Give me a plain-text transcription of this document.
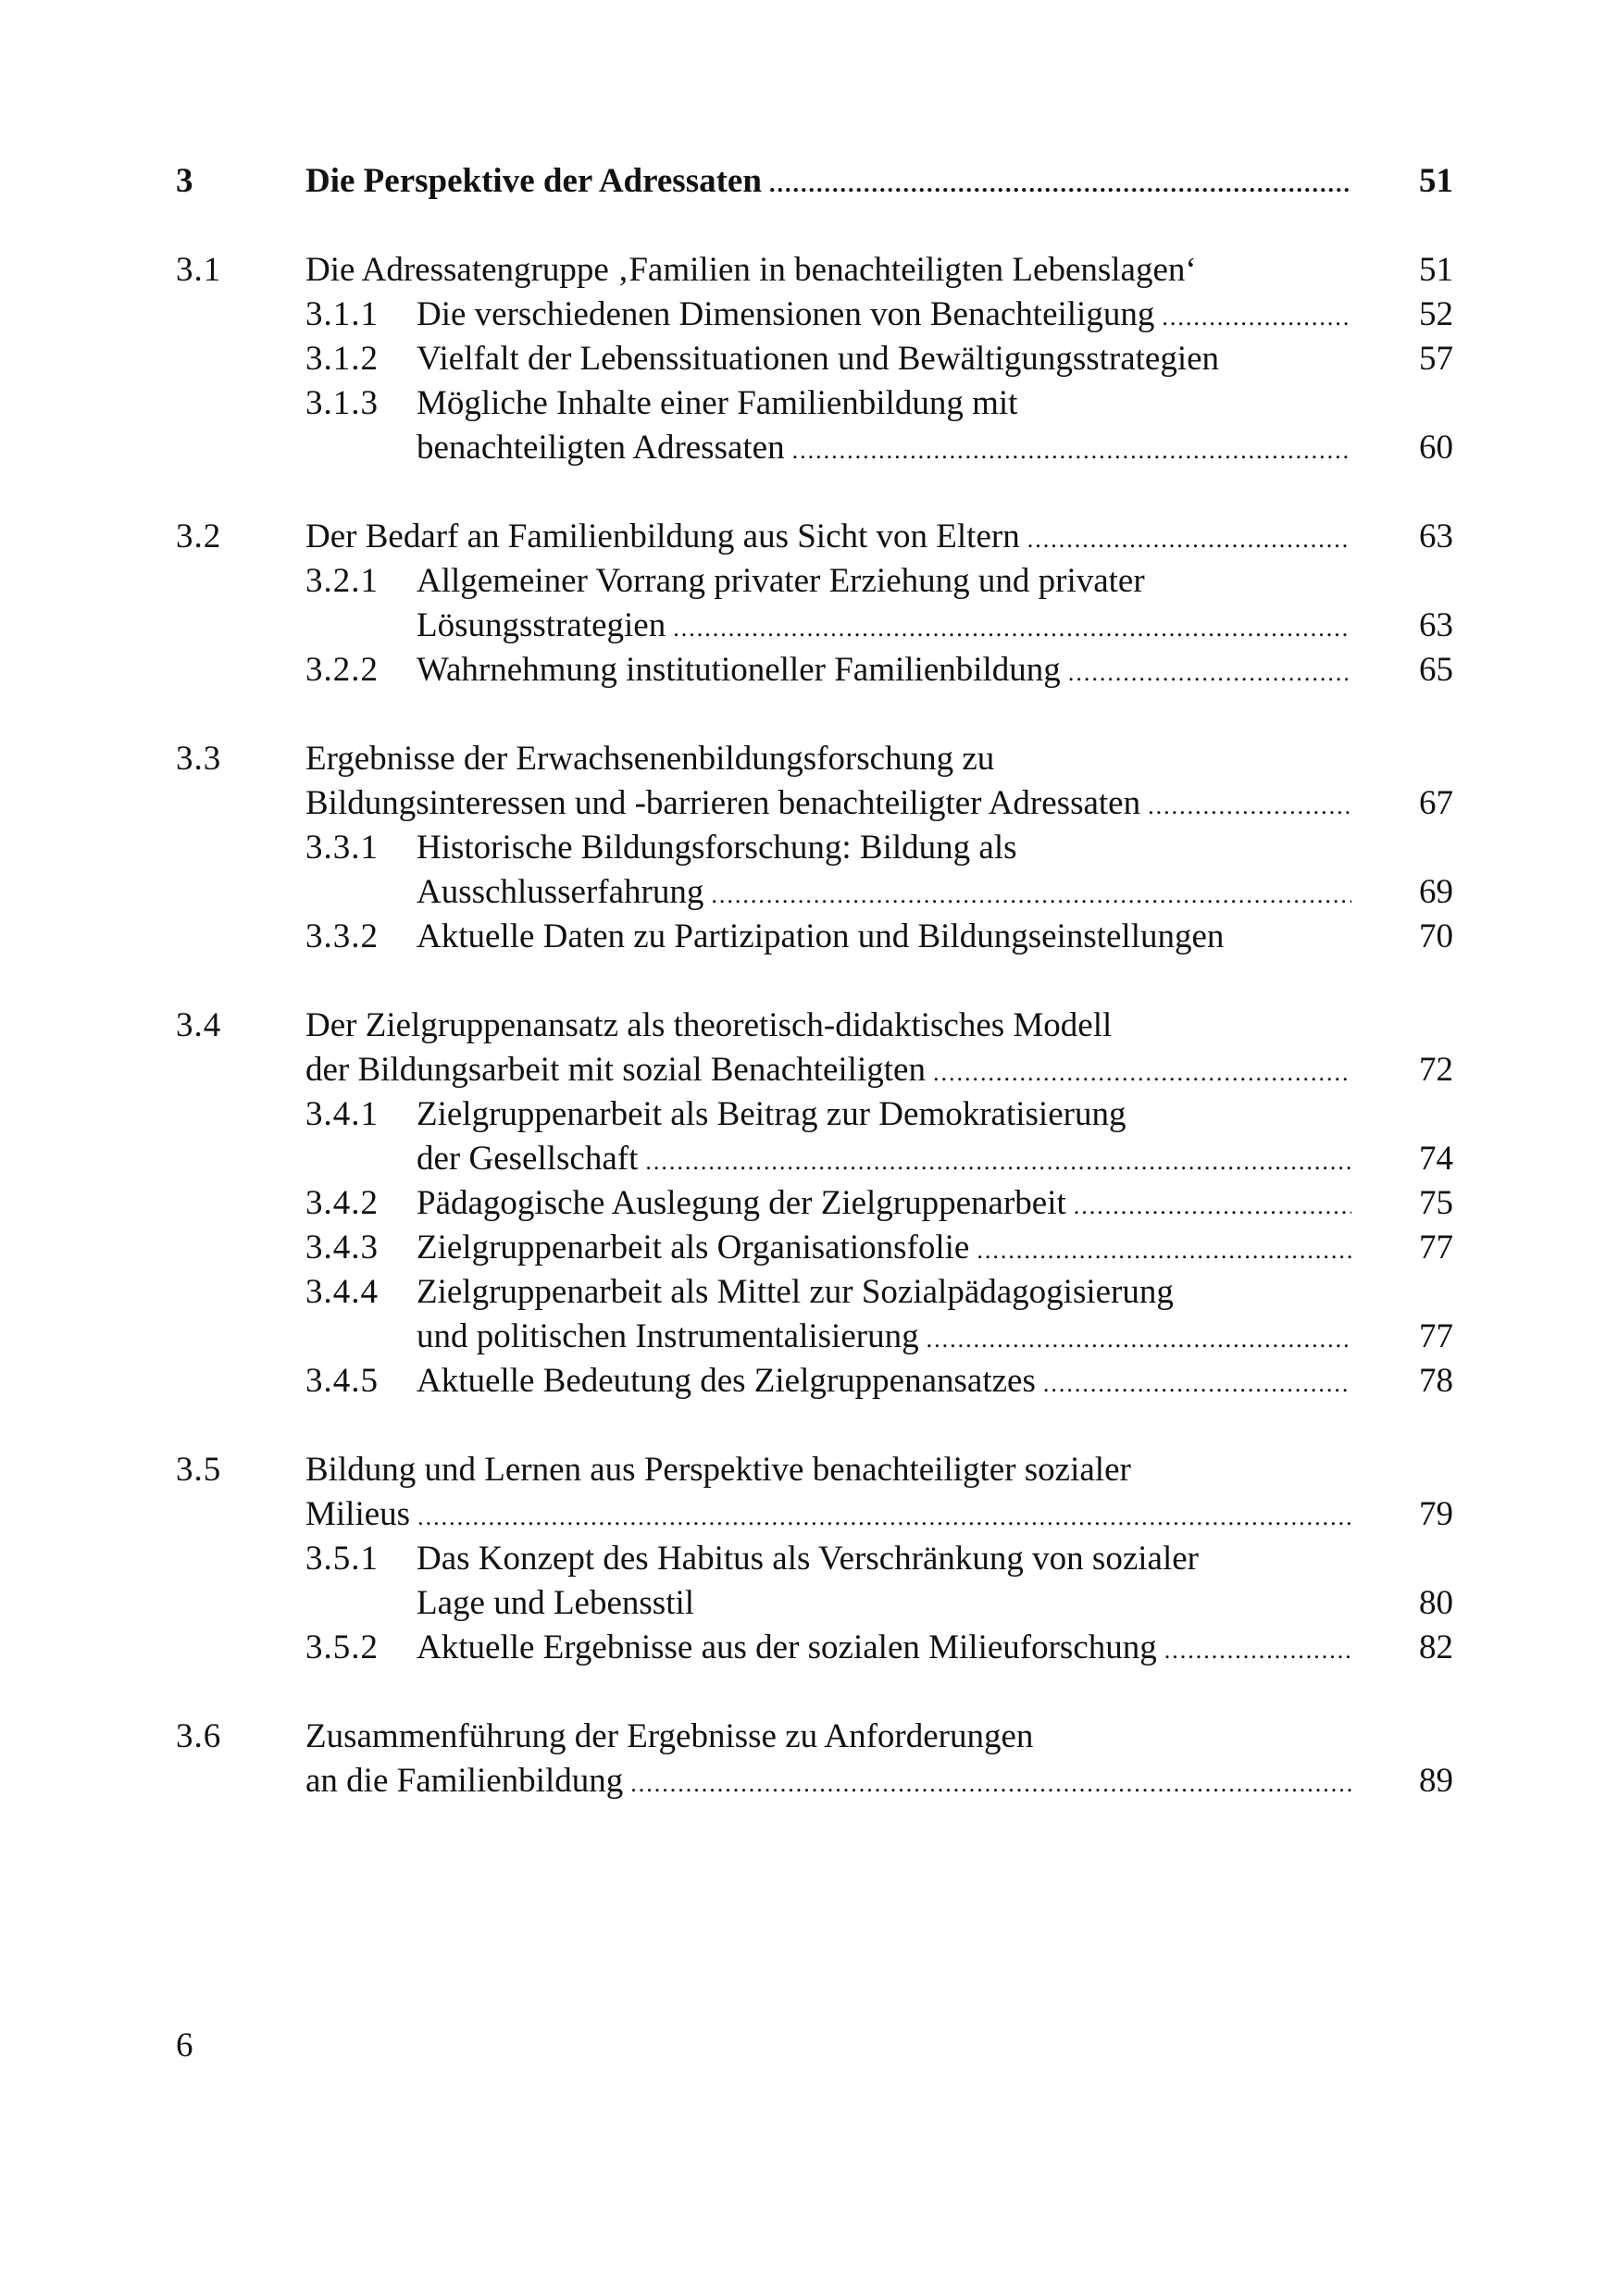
3	Die Perspektive der Adressaten .....	51
3.1 Die Adressatengruppe ‚Familien in benachteiligten Lebenslagen‘	51
3.1.1 Die verschiedenen Dimensionen von Benachteiligung .....	52
3.1.2 Vielfalt der Lebenssituationen und Bewältigungsstrategien	57
3.1.3 Mögliche Inhalte einer Familienbildung mit
benachteiligten Adressaten .....	60
3.2 Der Bedarf an Familienbildung aus Sicht von Eltern .....	63
3.2.1 Allgemeiner Vorrang privater Erziehung und privater
Lösungsstrategien .....	63
3.2.2 Wahrnehmung institutioneller Familienbildung .....	65
3.3 Ergebnisse der Erwachsenenbildungsforschung zu
Bildungsinteressen und -barrieren benachteiligter Adressaten .....	67
3.3.1 Historische Bildungsforschung: Bildung als
Ausschlusserfahrung .....	69
3.3.2 Aktuelle Daten zu Partizipation und Bildungseinstellungen	70
3.4 Der Zielgruppenansatz als theoretisch-didaktisches Modell
der Bildungsarbeit mit sozial Benachteiligten .....	72
3.4.1 Zielgruppenarbeit als Beitrag zur Demokratisierung
der Gesellschaft .....	74
3.4.2 Pädagogische Auslegung der Zielgruppenarbeit .....	75
3.4.3 Zielgruppenarbeit als Organisationsfolie .....	77
3.4.4 Zielgruppenarbeit als Mittel zur Sozialpädagogisierung
und politischen Instrumentalisierung .....	77
3.4.5 Aktuelle Bedeutung des Zielgruppenansatzes .....	78
3.5 Bildung und Lernen aus Perspektive benachteiligter sozialer
Milieus .....	79
3.5.1 Das Konzept des Habitus als Verschränkung von sozialer
Lage und Lebensstil	80
3.5.2 Aktuelle Ergebnisse aus der sozialen Milieuforschung .....	82
3.6 Zusammenführung der Ergebnisse zu Anforderungen
an die Familienbildung .....	89
6
